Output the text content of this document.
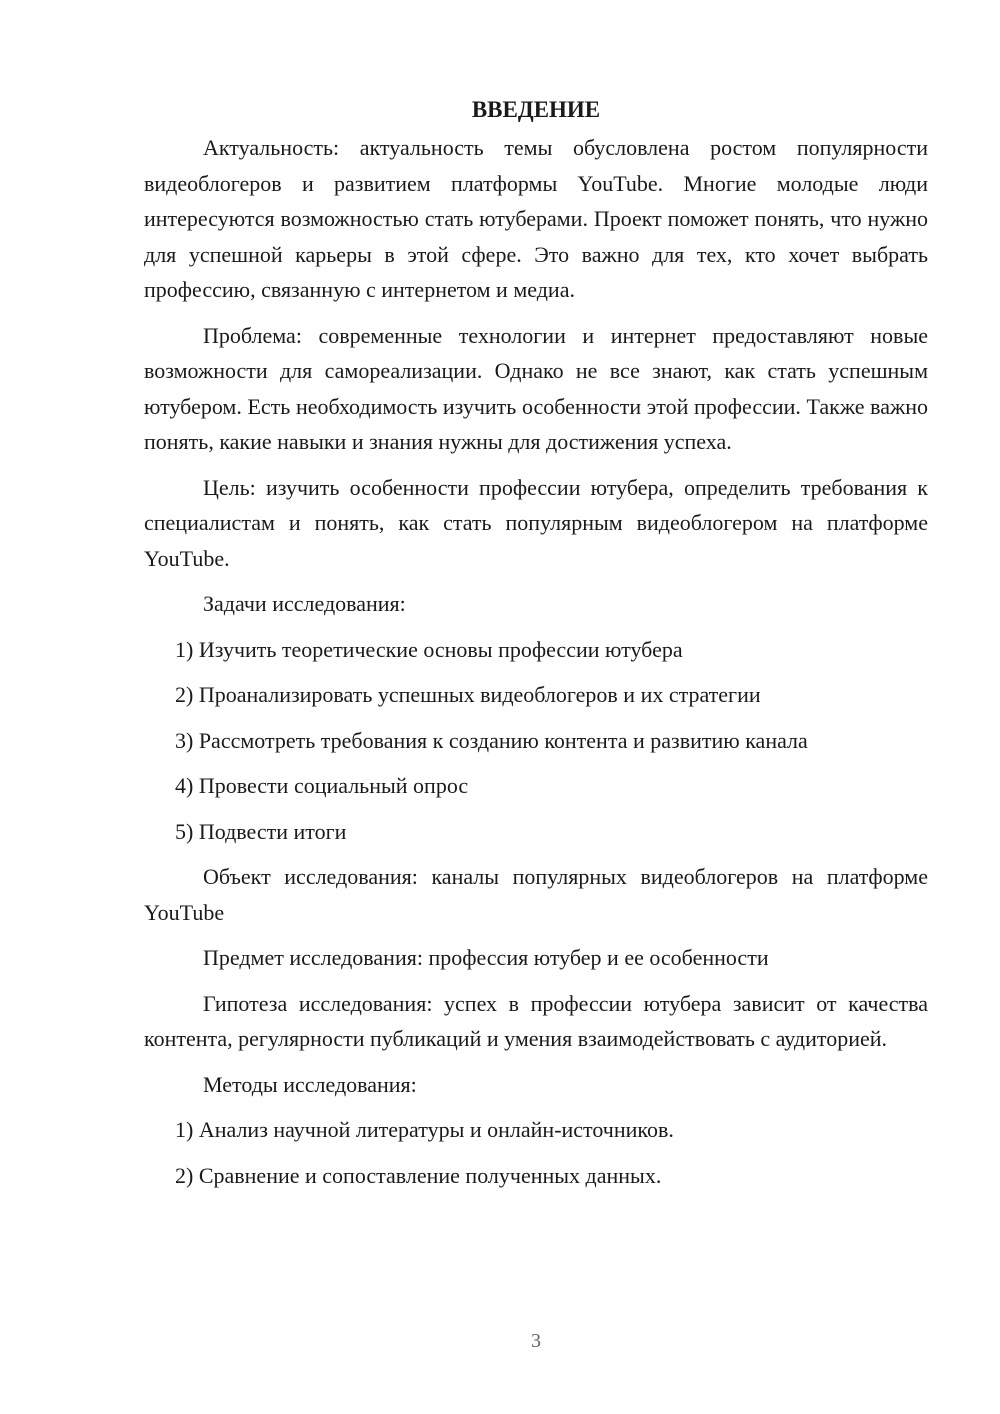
ВВЕДЕНИЕ

Актуальность: актуальность темы обусловлена ростом популярности видеоблогеров и развитием платформы YouTube. Многие молодые люди интересуются возможностью стать ютуберами. Проект поможет понять, что нужно для успешной карьеры в этой сфере. Это важно для тех, кто хочет выбрать профессию, связанную с интернетом и медиа.

Проблема: современные технологии и интернет предоставляют новые возможности для самореализации. Однако не все знают, как стать успешным ютубером. Есть необходимость изучить особенности этой профессии. Также важно понять, какие навыки и знания нужны для достижения успеха.

Цель: изучить особенности профессии ютубера, определить требования к специалистам и понять, как стать популярным видеоблогером на платформе YouTube.

Задачи исследования:

1) Изучить теоретические основы профессии ютубера
2) Проанализировать успешных видеоблогеров и их стратегии
3) Рассмотреть требования к созданию контента и развитию канала
4) Провести социальный опрос
5) Подвести итоги

Объект исследования: каналы популярных видеоблогеров на платформе YouTube

Предмет исследования: профессия ютубер и ее особенности

Гипотеза исследования: успех в профессии ютубера зависит от качества контента, регулярности публикаций и умения взаимодействовать с аудиторией.

Методы исследования:

1) Анализ научной литературы и онлайн-источников.
2) Сравнение и сопоставление полученных данных.
3
